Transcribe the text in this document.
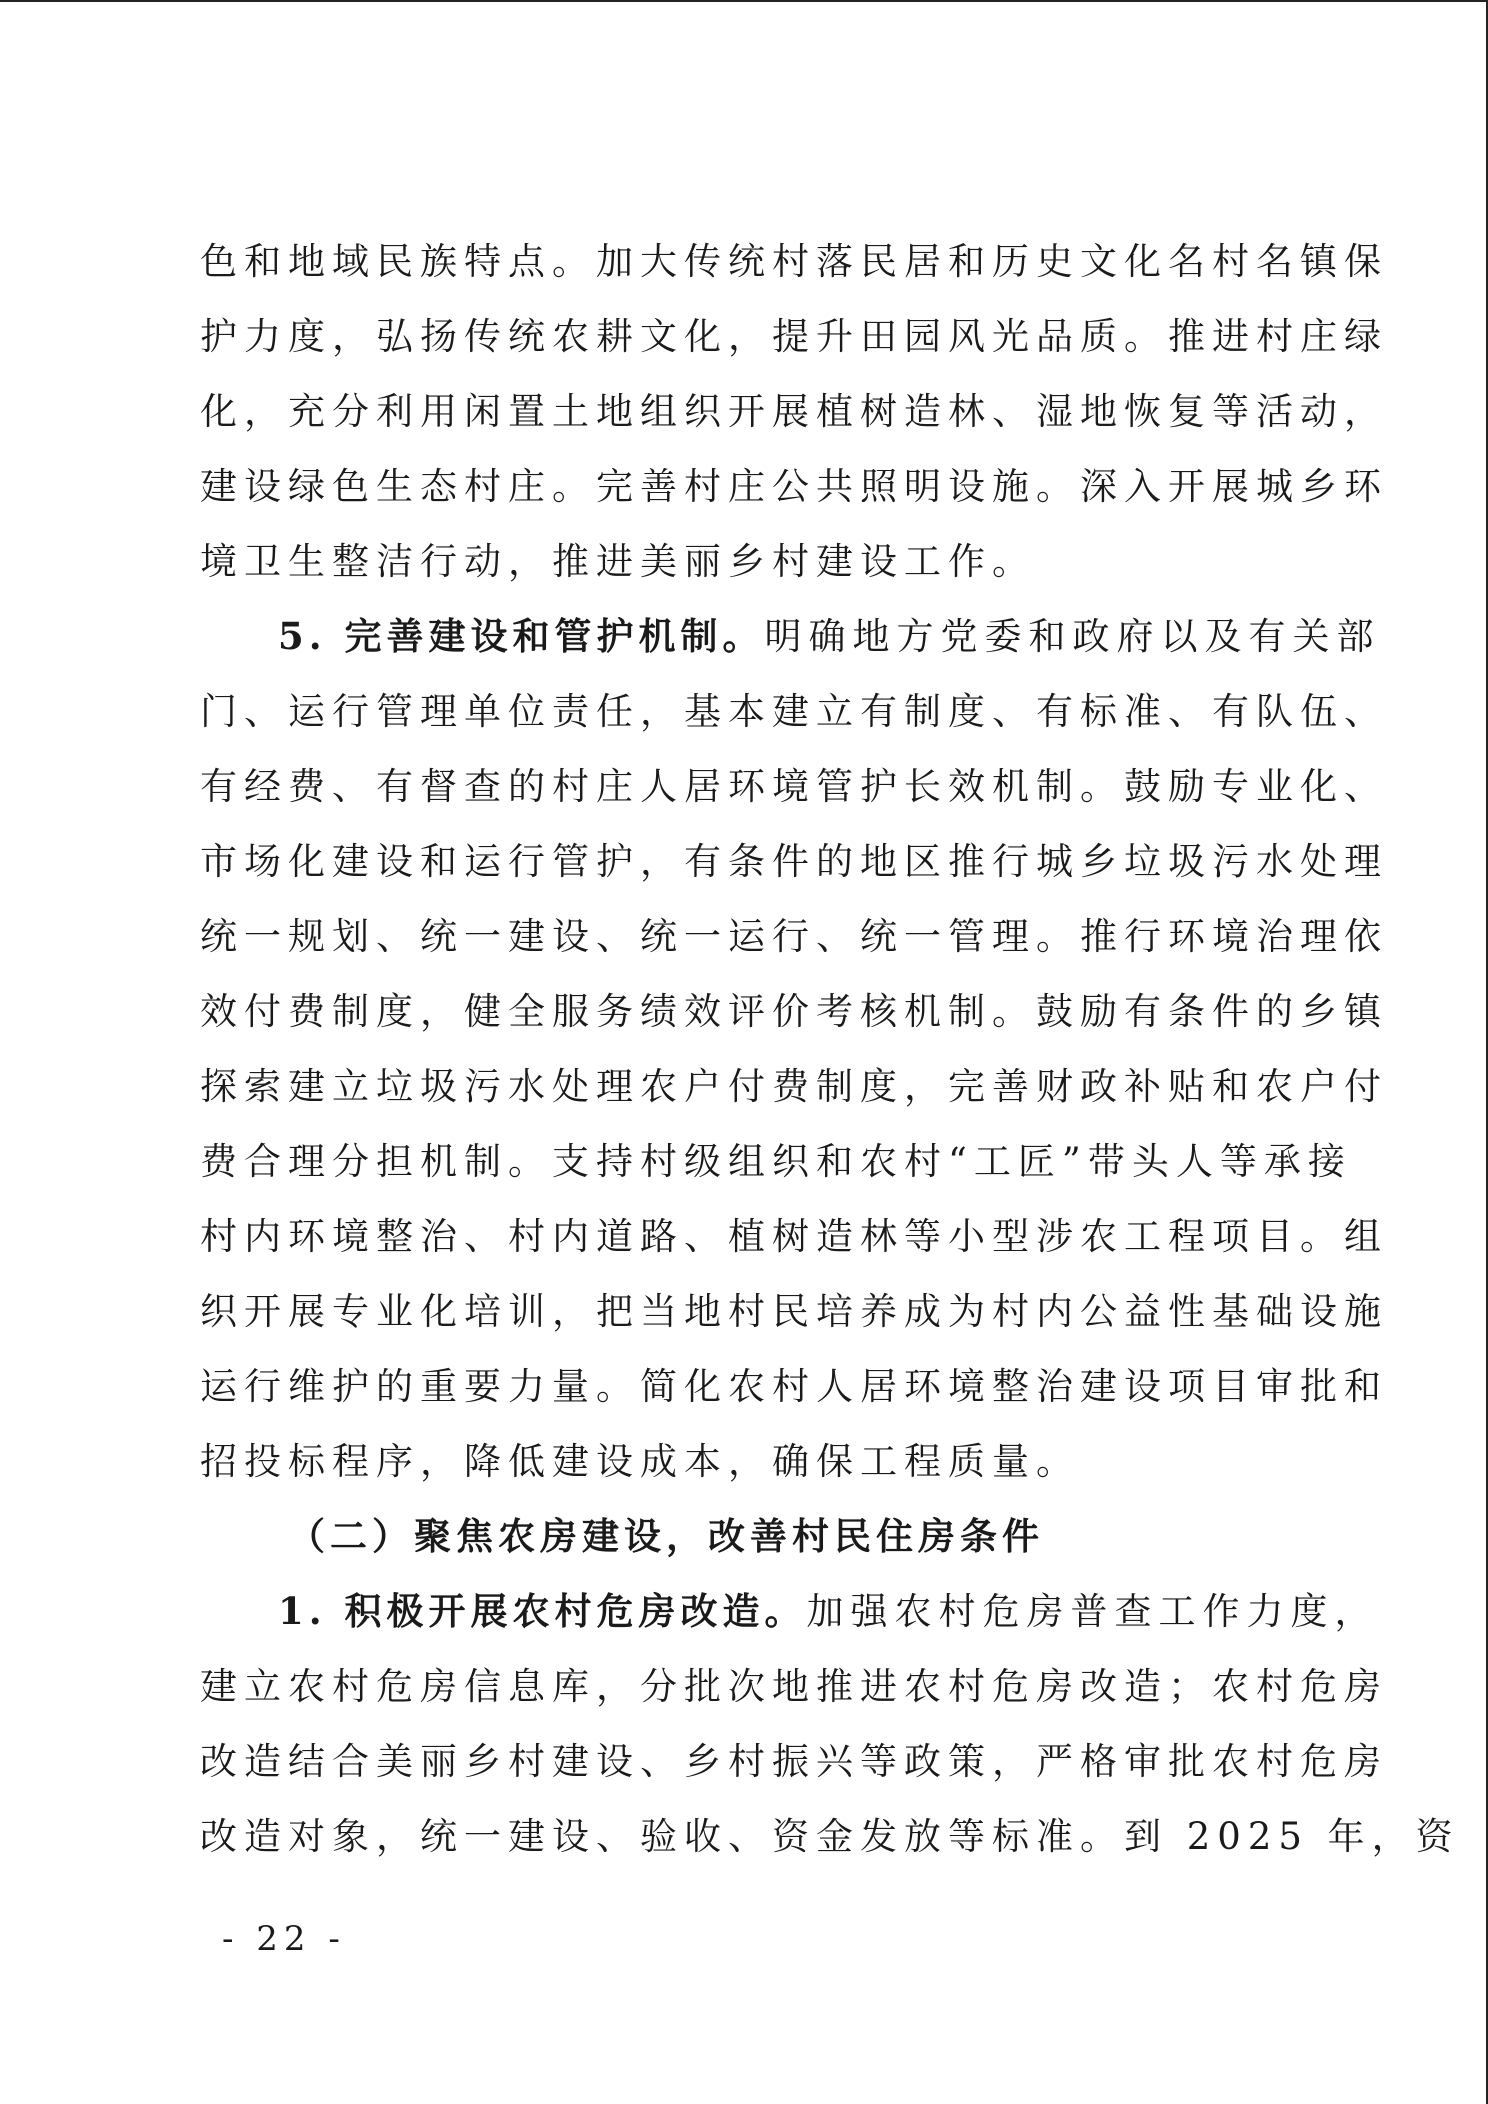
色和地域民族特点。加大传统村落民居和历史文化名村名镇保
护力度，弘扬传统农耕文化，提升田园风光品质。推进村庄绿
化，充分利用闲置土地组织开展植树造林、湿地恢复等活动，
建设绿色生态村庄。完善村庄公共照明设施。深入开展城乡环
境卫生整洁行动，推进美丽乡村建设工作。
5. 完善建设和管护机制。明确地方党委和政府以及有关部
门、运行管理单位责任，基本建立有制度、有标准、有队伍、
有经费、有督查的村庄人居环境管护长效机制。鼓励专业化、
市场化建设和运行管护，有条件的地区推行城乡垃圾污水处理
统一规划、统一建设、统一运行、统一管理。推行环境治理依
效付费制度，健全服务绩效评价考核机制。鼓励有条件的乡镇
探索建立垃圾污水处理农户付费制度，完善财政补贴和农户付
费合理分担机制。支持村级组织和农村“工匠”带头人等承接
村内环境整治、村内道路、植树造林等小型涉农工程项目。组
织开展专业化培训，把当地村民培养成为村内公益性基础设施
运行维护的重要力量。简化农村人居环境整治建设项目审批和
招投标程序，降低建设成本，确保工程质量。
（二）聚焦农房建设，改善村民住房条件
1. 积极开展农村危房改造。加强农村危房普查工作力度，
建立农村危房信息库，分批次地推进农村危房改造；农村危房
改造结合美丽乡村建设、乡村振兴等政策，严格审批农村危房
改造对象，统一建设、验收、资金发放等标准。到 2025 年，资
- 22 -
